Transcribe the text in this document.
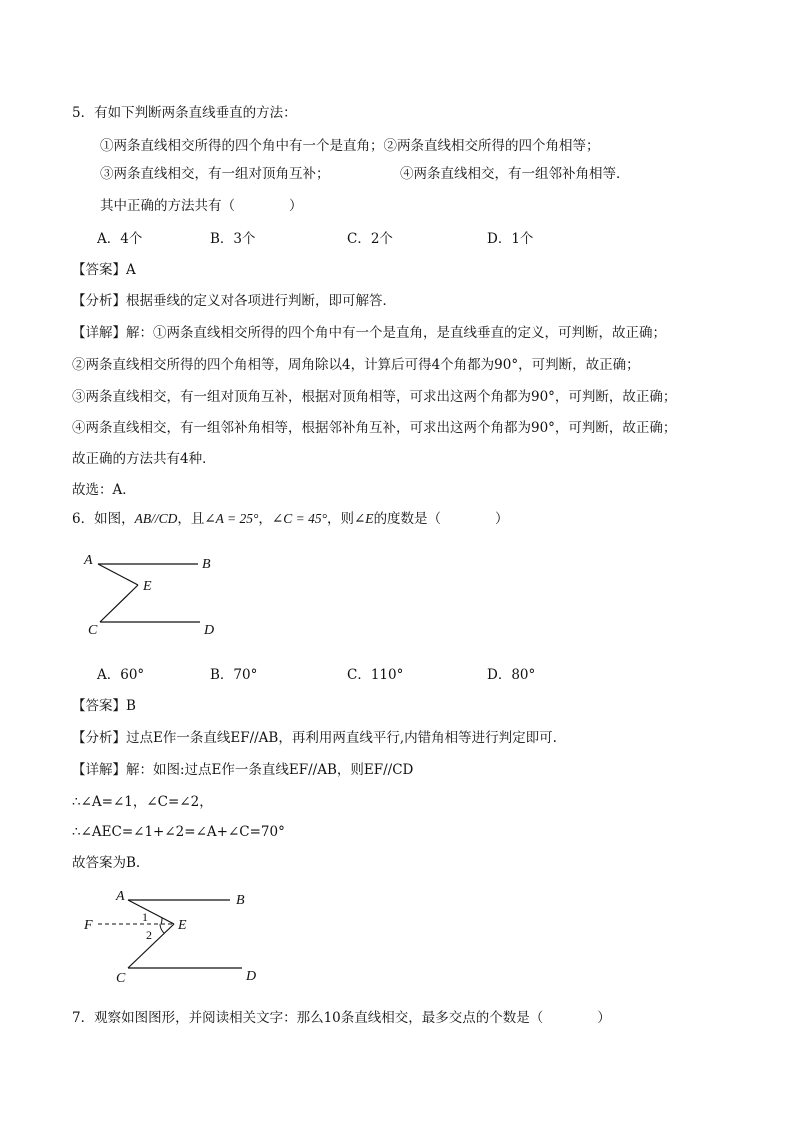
5．有如下判断两条直线垂直的方法：
①两条直线相交所得的四个角中有一个是直角；②两条直线相交所得的四个角相等；
③两条直线相交，有一组对顶角互补；	④两条直线相交，有一组邻补角相等．
其中正确的方法共有（　　　　）
A．4个	B．3个	C．2个	D．1个
【答案】A
【分析】根据垂线的定义对各项进行判断，即可解答．
【详解】解：①两条直线相交所得的四个角中有一个是直角，是直线垂直的定义，可判断，故正确；
②两条直线相交所得的四个角相等，周角除以4，计算后可得4个角都为90°，可判断，故正确；
③两条直线相交，有一组对顶角互补，根据对顶角相等，可求出这两个角都为90°，可判断，故正确；
④两条直线相交，有一组邻补角相等，根据邻补角互补，可求出这两个角都为90°，可判断，故正确；
故正确的方法共有4种．
故选：A．
6．如图，AB//CD，且∠A = 25°，∠C = 45°，则∠E的度数是（　　　　）
A	B
E
C	D
A．60°	B．70°	C．110°	D．80°
【答案】B
【分析】过点E作一条直线EF//AB，再利用两直线平行,内错角相等进行判定即可.
【详解】解：如图:过点E作一条直线EF//AB，则EF//CD
∴∠A=∠1，∠C=∠2，
∴∠AEC=∠1+∠2=∠A+∠C=70°
故答案为B.
A	B
F	E
1
2
C	D
7．观察如图图形，并阅读相关文字：那么10条直线相交，最多交点的个数是（　　　　）
